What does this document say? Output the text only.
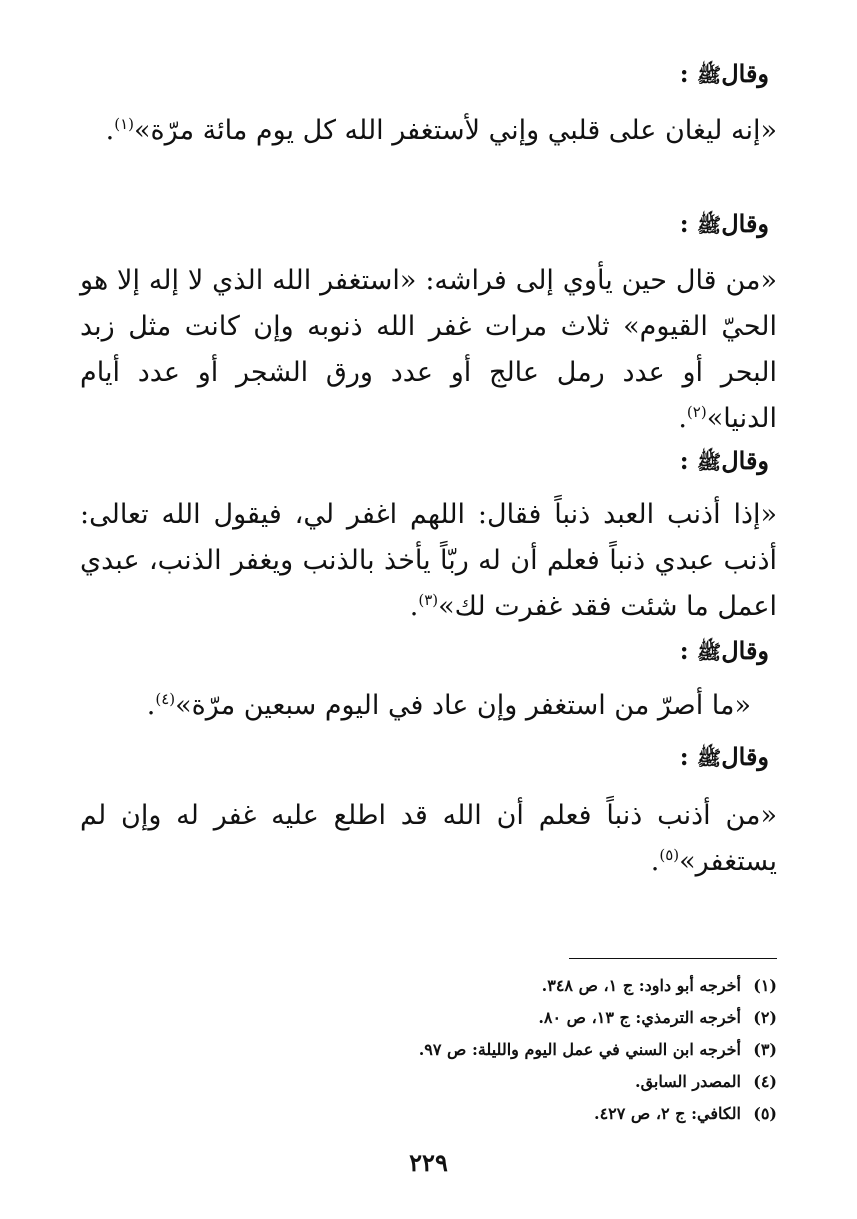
وقالﷺ :

«إنه ليغان على قلبي وإني لأستغفر الله كل يوم مائة مرّة»$^{(١)}$.

وقالﷺ :

«من قال حين يأوي إلى فراشه: «استغفر الله الذي لا إله إلا هو الحيّ القيوم» ثلاث مرات غفر الله ذنوبه وإن كانت مثل زبد البحر أو عدد رمل عالج أو عدد ورق الشجر أو عدد أيام الدنيا»$^{(٢)}$.

وقالﷺ :

«إذا أذنب العبد ذنباً فقال: اللهم اغفر لي، فيقول الله تعالى: أذنب عبدي ذنباً فعلم أن له ربّاً يأخذ بالذنب ويغفر الذنب، عبدي اعمل ما شئت فقد غفرت لك»$^{(٣)}$.

وقالﷺ :

«ما أصرّ من استغفر وإن عاد في اليوم سبعين مرّة»$^{(٤)}$.

وقالﷺ :

«من أذنب ذنباً فعلم أن الله قد اطلع عليه غفر له وإن لم يستغفر»$^{(٥)}$.

(١)أخرجه أبو داود: ج ١، ص ٣٤٨.
(٢)أخرجه الترمذي: ج ١٣، ص ٨٠.
(٣)أخرجه ابن السني في عمل اليوم والليلة: ص ٩٧.
(٤)المصدر السابق.
(٥)الكافي: ج ٢، ص ٤٢٧.
٢٢٩
